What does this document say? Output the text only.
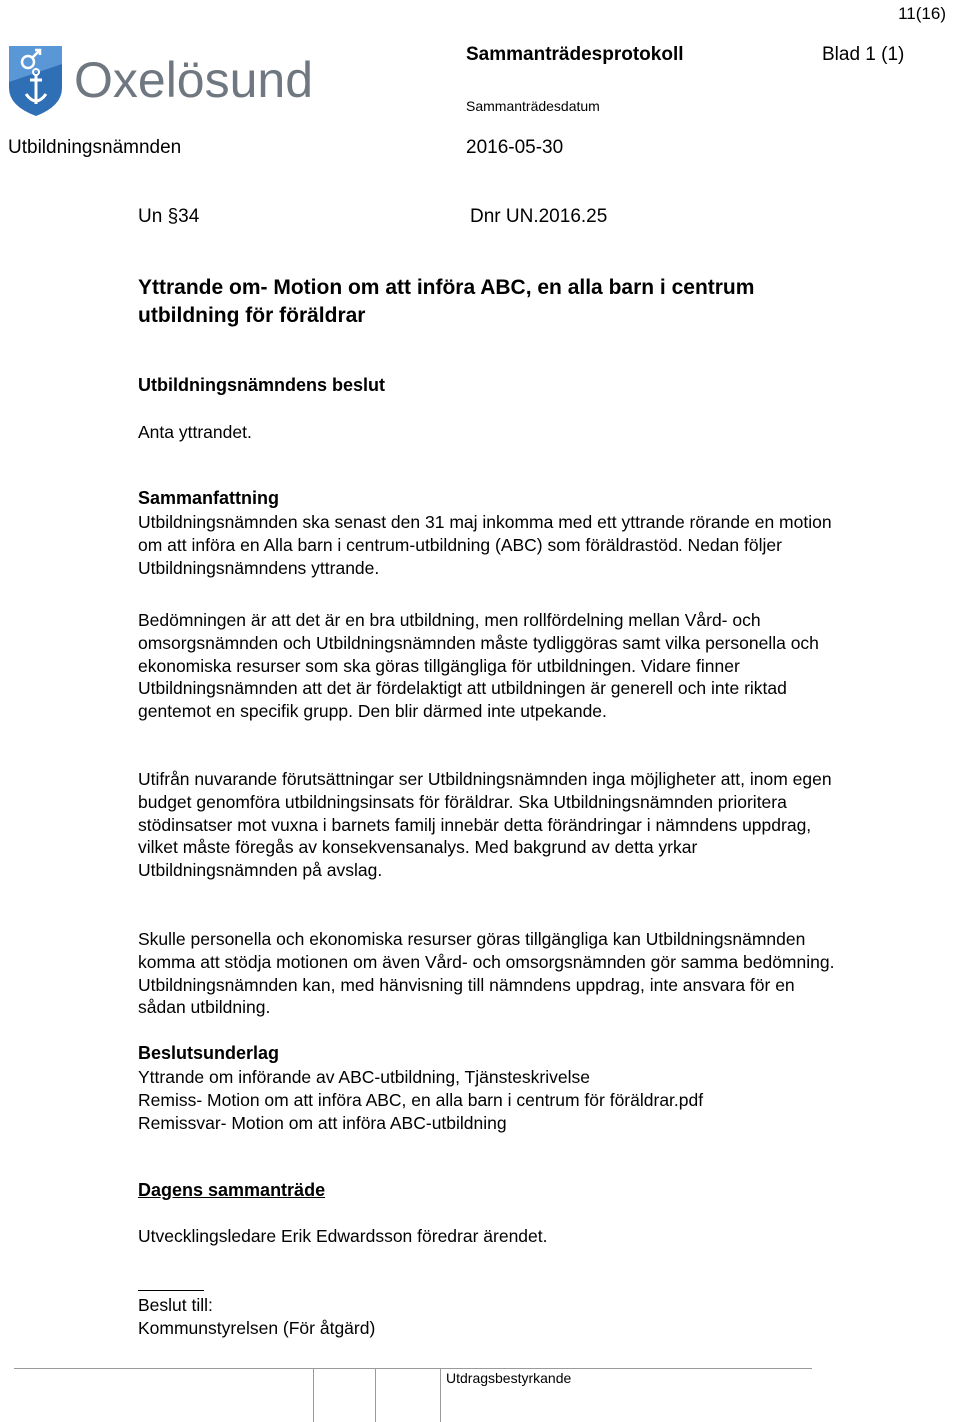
11(16)
Oxelösund	Sammanträdesprotokoll	Blad 1 (1)
Sammanträdesdatum
Utbildningsnämnden	2016-05-30
Un §34	Dnr UN.2016.25
Yttrande om- Motion om att införa ABC, en alla barn i centrum utbildning för föräldrar
Utbildningsnämndens beslut
Anta yttrandet.
Sammanfattning
Utbildningsnämnden ska senast den 31 maj inkomma med ett yttrande rörande en motion om att införa en Alla barn i centrum-utbildning (ABC) som föräldrastöd. Nedan följer Utbildningsnämndens yttrande.
Bedömningen är att det är en bra utbildning, men rollfördelning mellan Vård- och omsorgsnämnden och Utbildningsnämnden måste tydliggöras samt vilka personella och ekonomiska resurser som ska göras tillgängliga för utbildningen. Vidare finner Utbildningsnämnden att det är fördelaktigt att utbildningen är generell och inte riktad gentemot en specifik grupp. Den blir därmed inte utpekande.
Utifrån nuvarande förutsättningar ser Utbildningsnämnden inga möjligheter att, inom egen budget genomföra utbildningsinsats för föräldrar. Ska Utbildningsnämnden prioritera stödinsatser mot vuxna i barnets familj innebär detta förändringar i nämndens uppdrag, vilket måste föregås av konsekvensanalys. Med bakgrund av detta yrkar Utbildningsnämnden på avslag.
Skulle personella och ekonomiska resurser göras tillgängliga kan Utbildningsnämnden komma att stödja motionen om även Vård- och omsorgsnämnden gör samma bedömning. Utbildningsnämnden kan, med hänvisning till nämndens uppdrag, inte ansvara för en sådan utbildning.
Beslutsunderlag
Yttrande om införande av ABC-utbildning, Tjänsteskrivelse
Remiss- Motion om att införa ABC, en alla barn i centrum för föräldrar.pdf
Remissvar- Motion om att införa ABC-utbildning
Dagens sammanträde
Utvecklingsledare Erik Edwardsson föredrar ärendet.
Beslut till:
Kommunstyrelsen (För åtgärd)
Utdragsbestyrkande
